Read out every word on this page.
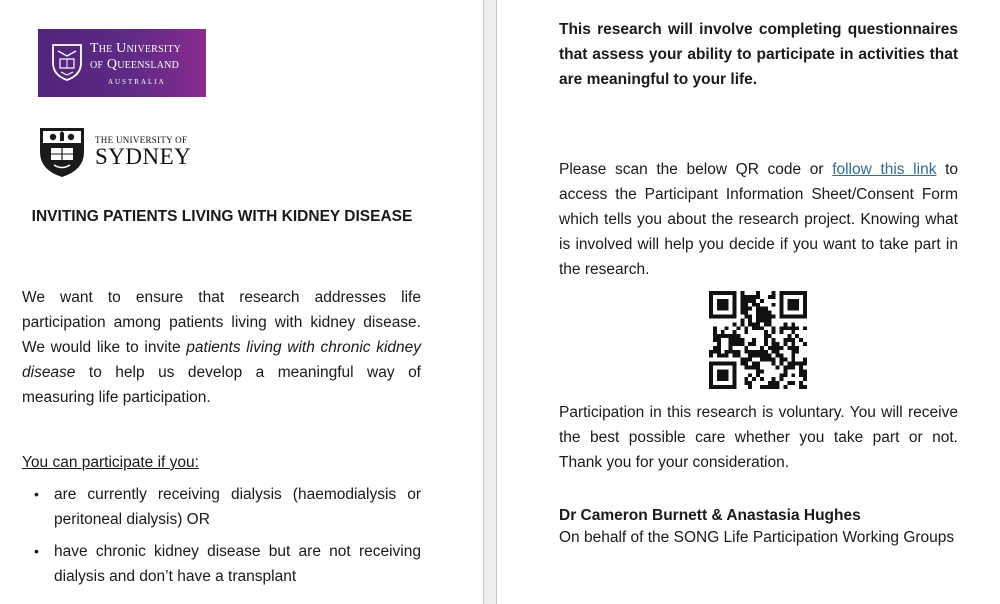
The University
of Queensland
AUSTRALIA
THE UNIVERSITY OF
SYDNEY
INVITING PATIENTS LIVING WITH KIDNEY DISEASE
We want to ensure that research addresses life participation among patients living with kidney disease. We would like to invite patients living with chronic kidney disease to help us develop a meaningful way of measuring life participation.
You can participate if you:
• are currently receiving dialysis (haemodialysis or peritoneal dialysis) OR
• have chronic kidney disease but are not receiving dialysis and don’t have a transplant
This research will involve completing questionnaires that assess your ability to participate in activities that are meaningful to your life.
Please scan the below QR code or follow this link to access the Participant Information Sheet/Consent Form which tells you about the research project. Knowing what is involved will help you decide if you want to take part in the research.
Participation in this research is voluntary. You will receive the best possible care whether you take part or not. Thank you for your consideration.
Dr Cameron Burnett & Anastasia Hughes
On behalf of the SONG Life Participation Working Groups
